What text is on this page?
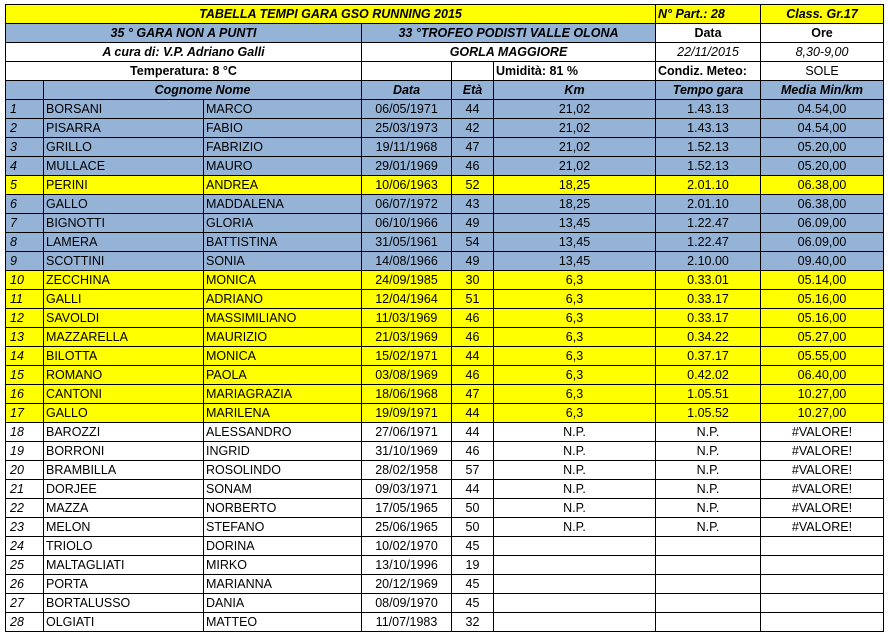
TABELLA TEMPI GARA GSO RUNNING 2015						N° Part.: 28	Class. Gr.17
35 ° GARA NON A PUNTI			33 °TROFEO PODISTI VALLE OLONA			Data	Ore
A cura di: V.P. Adriano Galli			GORLA MAGGIORE			22/11/2015	8,30-9,00
Temperatura: 8 °C					Umidità: 81 %	Condiz. Meteo:	SOLE
	Cognome Nome		Data	Età	Km	Tempo gara	Media Min/km
1	BORSANI	MARCO	06/05/1971	44	21,02	1.43.13	04.54,00
2	PISARRA	FABIO	25/03/1973	42	21,02	1.43.13	04.54,00
3	GRILLO	FABRIZIO	19/11/1968	47	21,02	1.52.13	05.20,00
4	MULLACE	MAURO	29/01/1969	46	21,02	1.52.13	05.20,00
5	PERINI	ANDREA	10/06/1963	52	18,25	2.01.10	06.38,00
6	GALLO	MADDALENA	06/07/1972	43	18,25	2.01.10	06.38,00
7	BIGNOTTI	GLORIA	06/10/1966	49	13,45	1.22.47	06.09,00
8	LAMERA	BATTISTINA	31/05/1961	54	13,45	1.22.47	06.09,00
9	SCOTTINI	SONIA	14/08/1966	49	13,45	2.10.00	09.40,00
10	ZECCHINA	MONICA	24/09/1985	30	6,3	0.33.01	05.14,00
11	GALLI	ADRIANO	12/04/1964	51	6,3	0.33.17	05.16,00
12	SAVOLDI	MASSIMILIANO	11/03/1969	46	6,3	0.33.17	05.16,00
13	MAZZARELLA	MAURIZIO	21/03/1969	46	6,3	0.34.22	05.27,00
14	BILOTTA	MONICA	15/02/1971	44	6,3	0.37.17	05.55,00
15	ROMANO	PAOLA	03/08/1969	46	6,3	0.42.02	06.40,00
16	CANTONI	MARIAGRAZIA	18/06/1968	47	6,3	1.05.51	10.27,00
17	GALLO	MARILENA	19/09/1971	44	6,3	1.05.52	10.27,00
18	BAROZZI	ALESSANDRO	27/06/1971	44	N.P.	N.P.	#VALORE!
19	BORRONI	INGRID	31/10/1969	46	N.P.	N.P.	#VALORE!
20	BRAMBILLA	ROSOLINDO	28/02/1958	57	N.P.	N.P.	#VALORE!
21	DORJEE	SONAM	09/03/1971	44	N.P.	N.P.	#VALORE!
22	MAZZA	NORBERTO	17/05/1965	50	N.P.	N.P.	#VALORE!
23	MELON	STEFANO	25/06/1965	50	N.P.	N.P.	#VALORE!
24	TRIOLO	DORINA	10/02/1970	45			
25	MALTAGLIATI	MIRKO	13/10/1996	19			
26	PORTA	MARIANNA	20/12/1969	45			
27	BORTALUSSO	DANIA	08/09/1970	45			
28	OLGIATI	MATTEO	11/07/1983	32			
